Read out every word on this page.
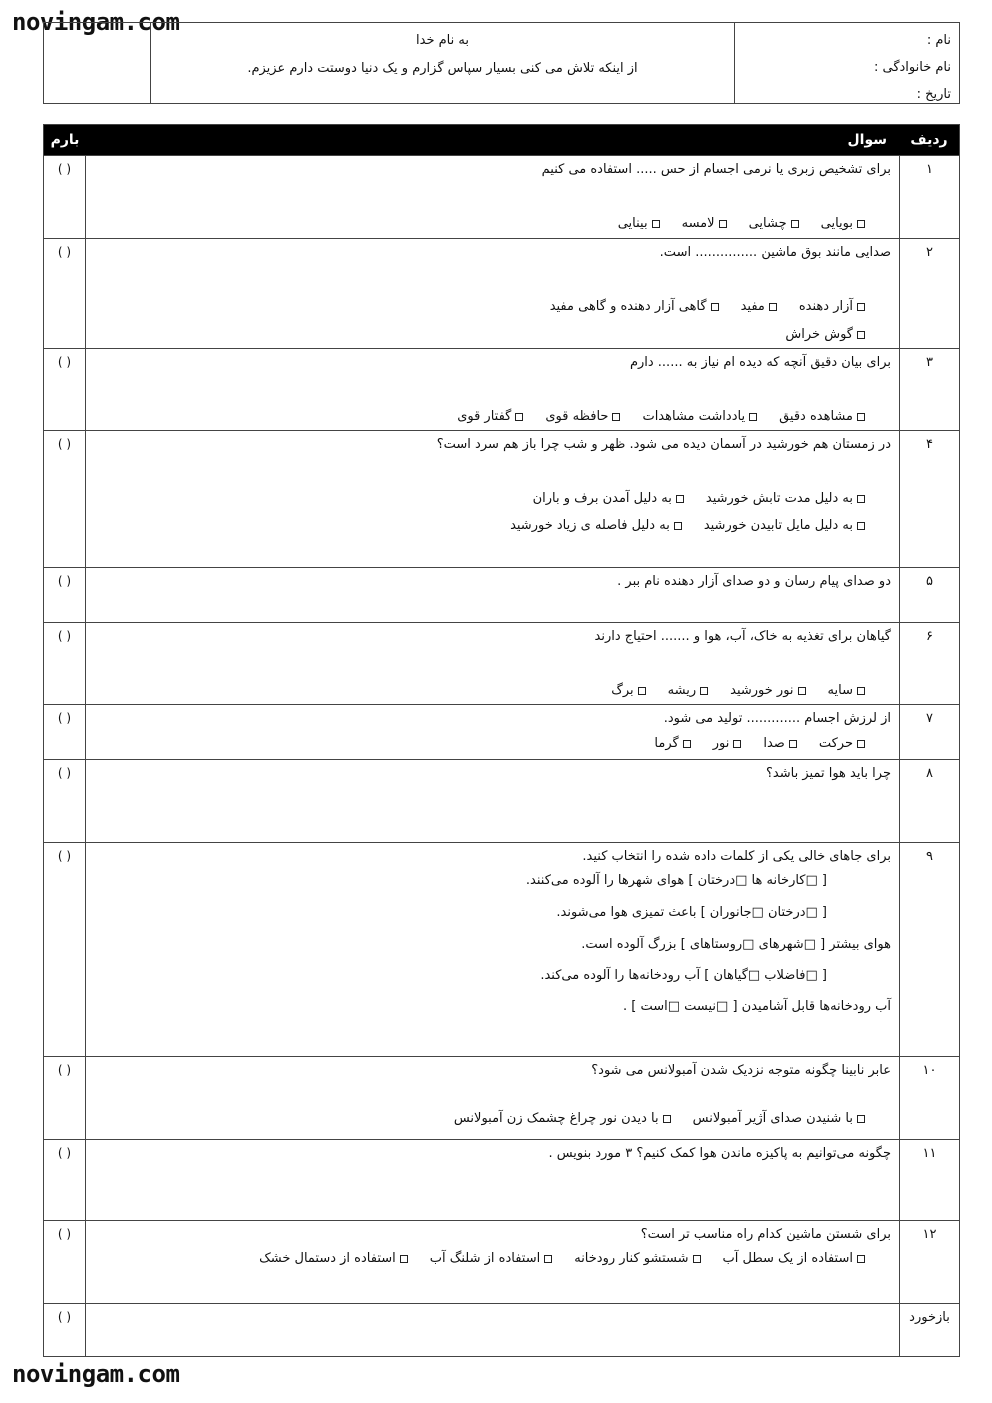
novingam.com
novingam.com
نام :
نام خانوادگی :
تاریخ :
به نام خدا
از اینکه تلاش می کنی بسیار سپاس گزارم و یک دنیا دوستت دارم عزیزم.
ردیف
سوال
بارم
۱
برای تشخیص زبری یا نرمی اجسام از حس ..... استفاده می کنیم
بویایی
چشایی
لامسه
بینایی
( )
۲
صدایی مانند بوق ماشین ............... است.
آزار دهنده
مفید
گاهی آزار دهنده و گاهی مفید
گوش خراش
( )
۳
برای بیان دقیق آنچه که دیده ام نیاز به ...... دارم
مشاهده دقیق
یادداشت مشاهدات
حافظه قوی
گفتار قوی
( )
۴
در زمستان هم خورشید در آسمان دیده می شود. ظهر و شب چرا باز هم سرد است؟
به دلیل مدت تابش خورشید
به دلیل آمدن برف و باران
به دلیل مایل تابیدن خورشید
به دلیل فاصله ی زیاد خورشید
( )
۵
دو صدای پیام رسان و دو صدای آزار دهنده نام ببر .
( )
۶
گیاهان برای تغذیه به خاک، آب، هوا و ....... احتیاج دارند
سایه
نور خورشید
ریشه
برگ
( )
۷
از لرزش اجسام ............. تولید می شود.
حرکت
صدا
نور
گرما
( )
۸
چرا باید هوا تمیز باشد؟
( )
۹
برای جاهای خالی یکی از کلمات داده شده را انتخاب کنید.
[ □کارخانه ها □درختان ] هوای شهرها را آلوده می‌کنند.
[ □درختان □جانوران ] باعث تمیزی هوا می‌شوند.
هوای بیشتر [ □شهرهای □روستاهای ] بزرگ آلوده است.
[ □فاضلاب □گیاهان ] آب رودخانه‌ها را آلوده می‌کند.
آب رودخانه‌ها قابل آشامیدن [ □نیست □است ] .
( )
۱۰
عابر نابینا چگونه متوجه نزدیک شدن آمبولانس می شود؟
با شنیدن صدای آژیر آمبولانس
با دیدن نور چراغ چشمک زن آمبولانس
( )
۱۱
چگونه می‌توانیم به پاکیزه ماندن هوا کمک کنیم؟ ۳ مورد بنویس .
( )
۱۲
برای شستن ماشین کدام راه مناسب تر است؟
استفاده از یک سطل آب
شستشو کنار رودخانه
استفاده از شلنگ آب
استفاده از دستمال خشک
( )
بازخورد
( )
